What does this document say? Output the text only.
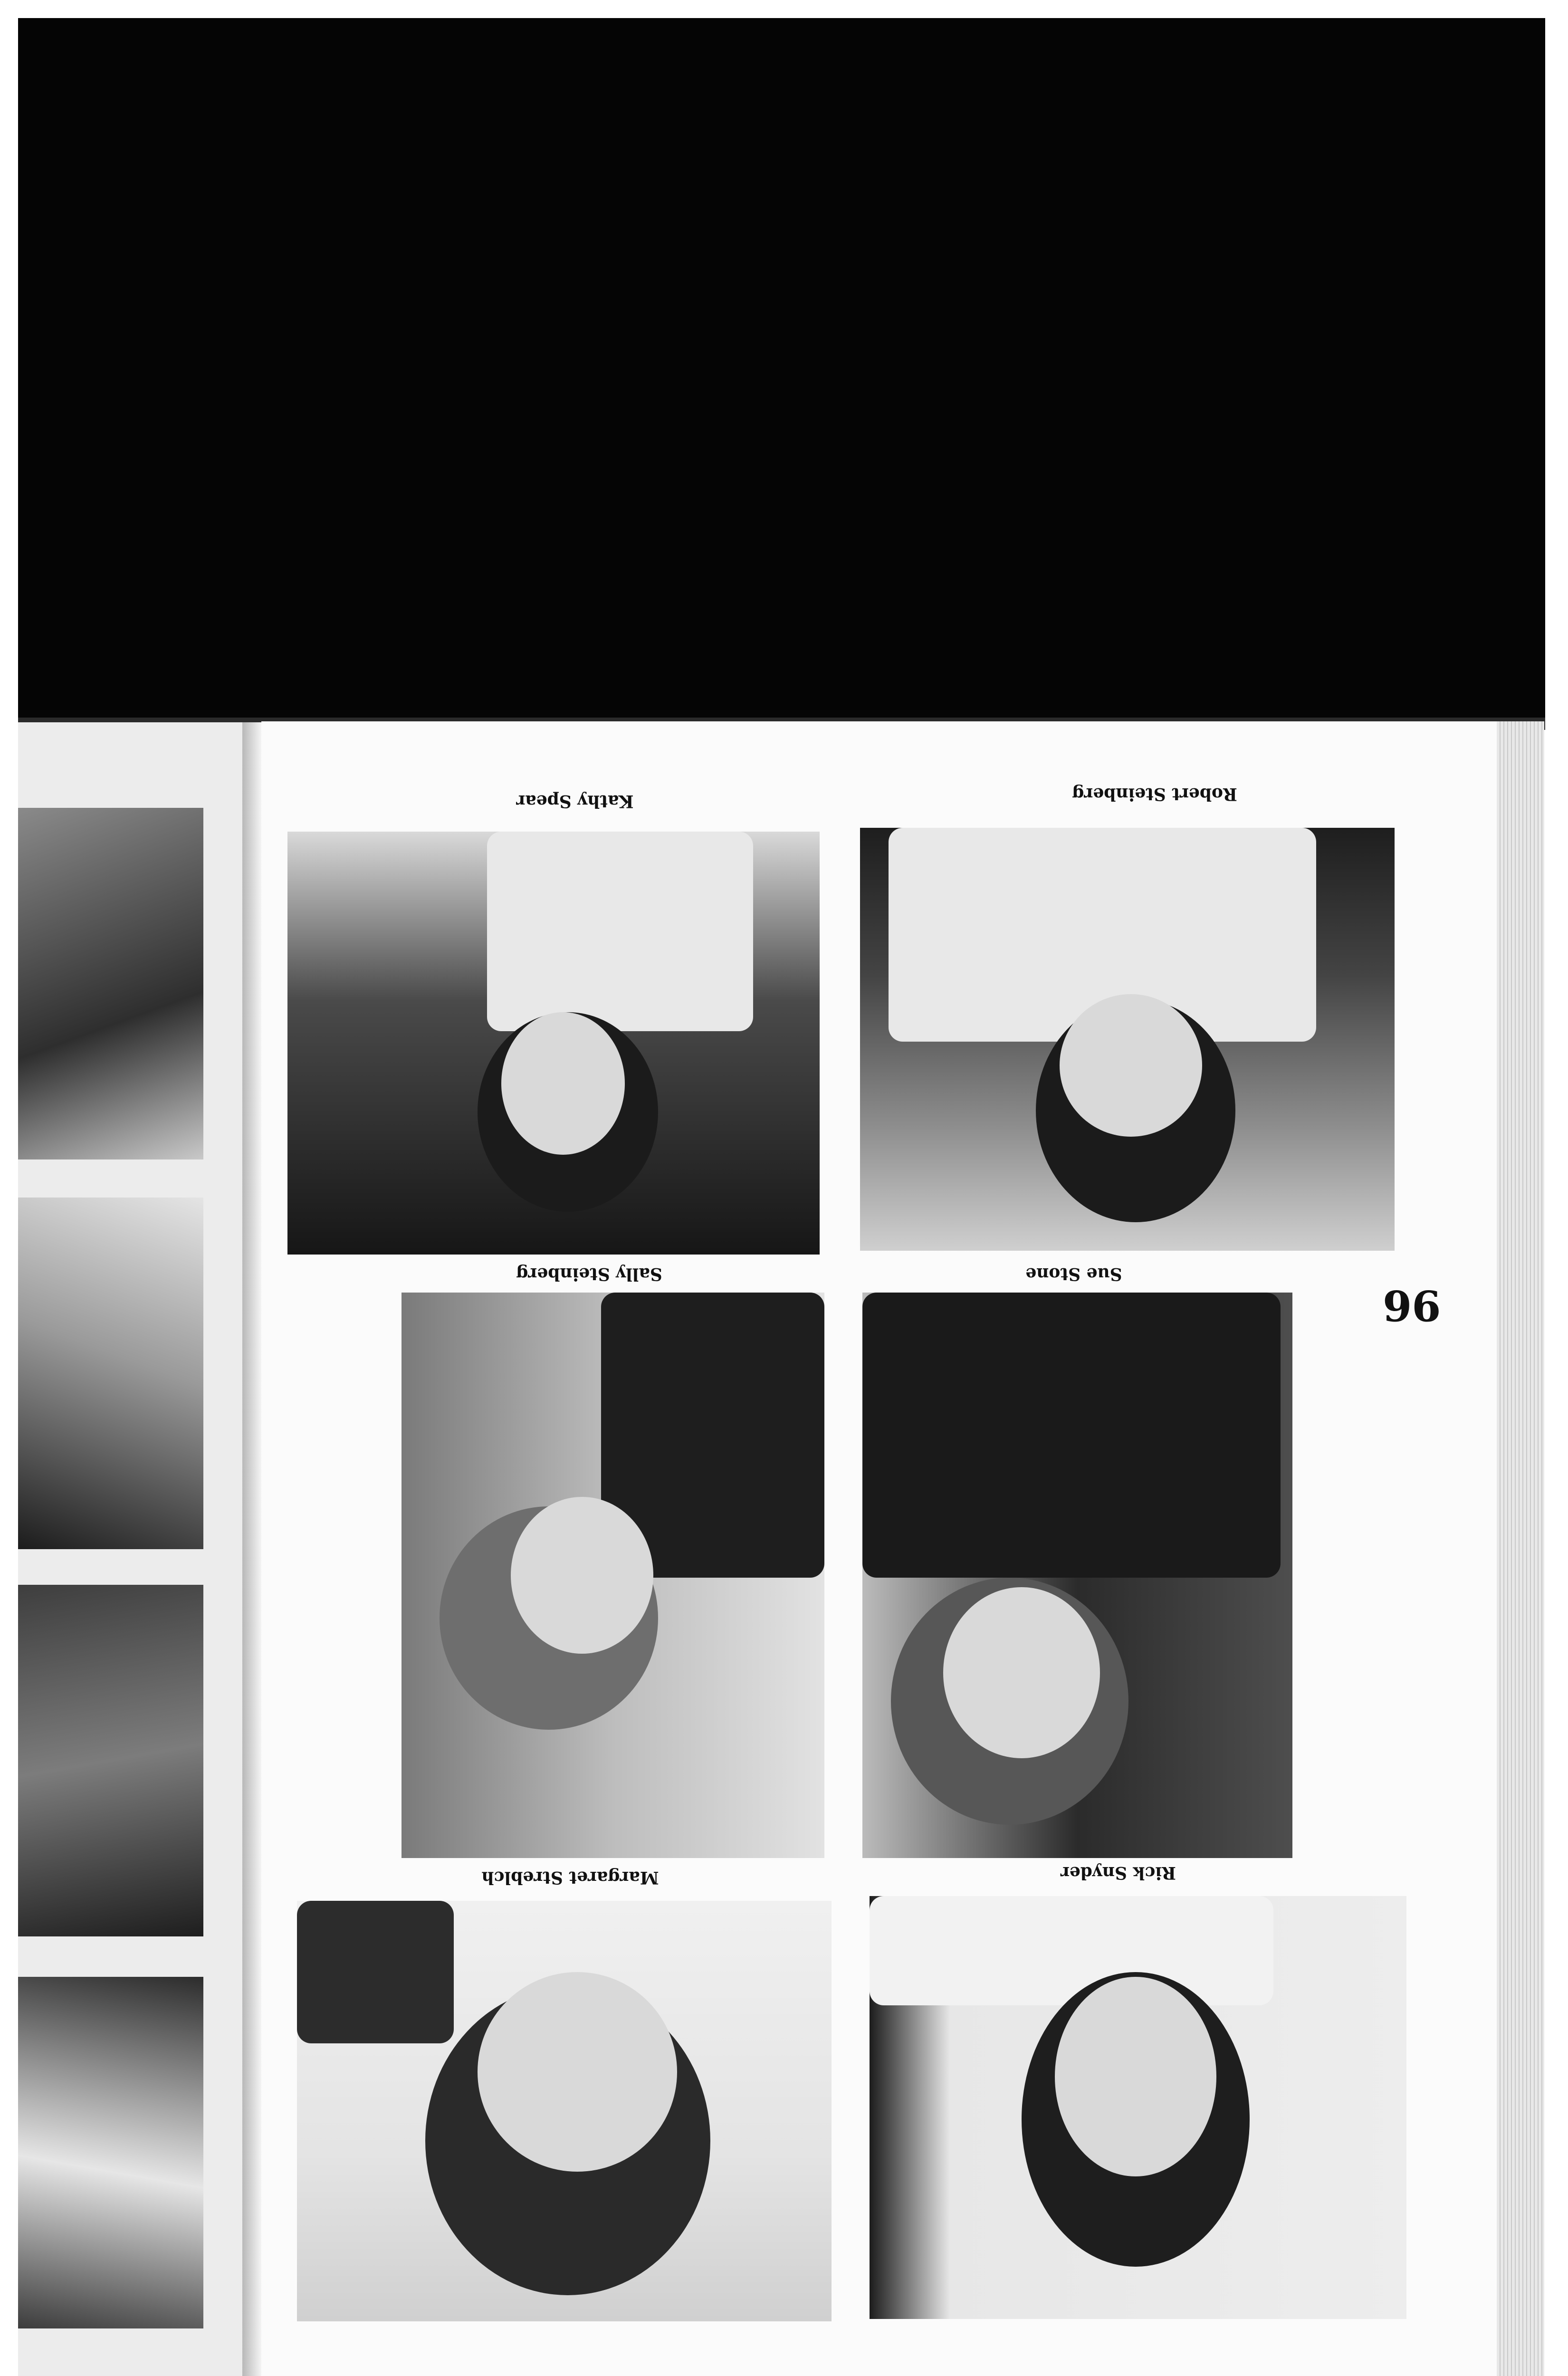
Kathy Spear
Sally Steinberg
Margaret Streblch
Robert Steinberg
Sue Stone
Rick Snyder
96
